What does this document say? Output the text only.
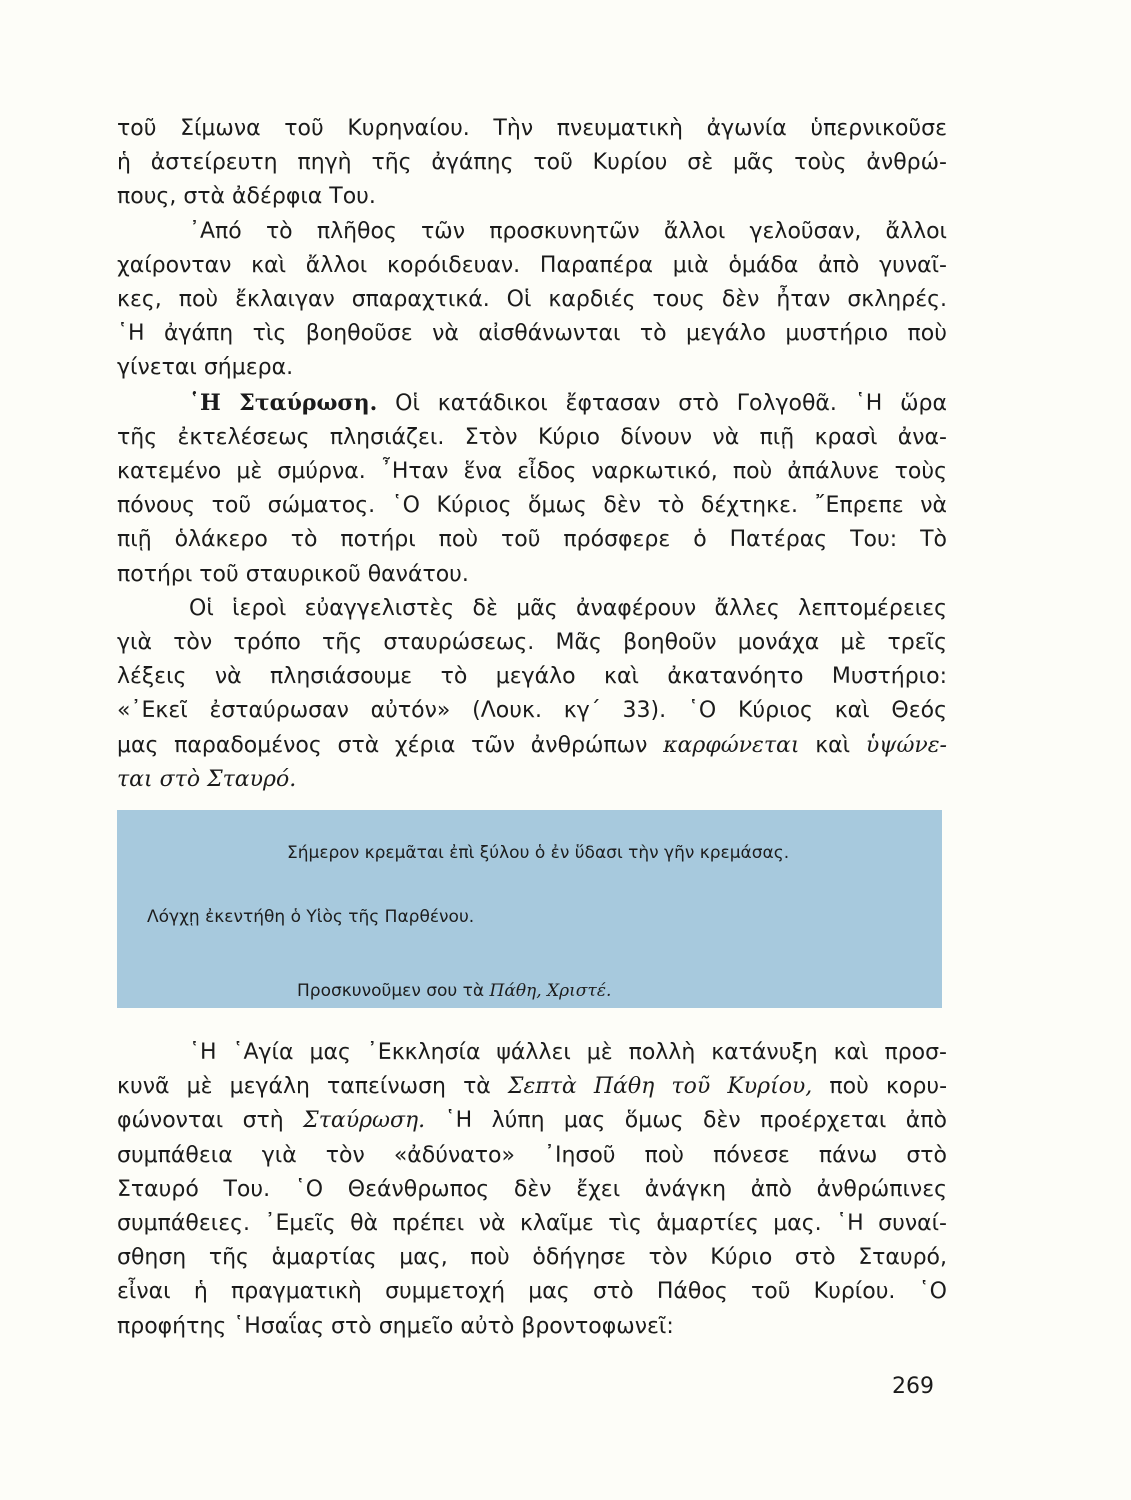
τοῦ Σίμωνα τοῦ Κυρηναίου. Τὴν πνευματικὴ ἀγωνία ὑπερνικοῦσε
ἡ ἀστείρευτη πηγὴ τῆς ἀγάπης τοῦ Κυρίου σὲ μᾶς τοὺς ἀνθρώ-
πους, στὰ ἀδέρφια Του.
᾽Από τὸ πλῆθος τῶν προσκυνητῶν ἄλλοι γελοῦσαν, ἄλλοι
χαίρονταν καὶ ἄλλοι κορόιδευαν. Παραπέρα μιὰ ὁμάδα ἀπὸ γυναῖ-
κες, ποὺ ἔκλαιγαν σπαραχτικά. Οἱ καρδιές τους δὲν ἦταν σκληρές.
῾Η ἀγάπη τὶς βοηθοῦσε νὰ αἰσθάνωνται τὸ μεγάλο μυστήριο ποὺ
γίνεται σήμερα.
῾Η Σταύρωση. Οἱ κατάδικοι ἔφτασαν στὸ Γολγοθᾶ. ῾Η ὥρα
τῆς ἐκτελέσεως πλησιάζει. Στὸν Κύριο δίνουν νὰ πιῇ κρασὶ ἀνα-
κατεμένο μὲ σμύρνα. ῏Ηταν ἕνα εἶδος ναρκωτικό, ποὺ ἀπάλυνε τοὺς
πόνους τοῦ σώματος. ῾Ο Κύριος ὅμως δὲν τὸ δέχτηκε. ῎Επρεπε νὰ
πιῇ ὁλάκερο τὸ ποτήρι ποὺ τοῦ πρόσφερε ὁ Πατέρας Του: Τὸ
ποτήρι τοῦ σταυρικοῦ θανάτου.
Οἱ ἱεροὶ εὐαγγελιστὲς δὲ μᾶς ἀναφέρουν ἄλλες λεπτομέρειες
γιὰ τὸν τρόπο τῆς σταυρώσεως. Μᾶς βοηθοῦν μονάχα μὲ τρεῖς
λέξεις νὰ πλησιάσουμε τὸ μεγάλο καὶ ἀκατανόητο Μυστήριο:
«᾽Εκεῖ ἐσταύρωσαν αὐτόν» (Λουκ. κγ΄ 33). ῾Ο Κύριος καὶ Θεός
μας παραδομένος στὰ χέρια τῶν ἀνθρώπων καρφώνεται καὶ ὑψώνε-
ται στὸ Σταυρό.
Σήμερον κρεμᾶται ἐπὶ ξύλου ὁ ἐν ὕδασι τὴν γῆν κρεμάσας.
Λόγχῃ ἐκεντήθη ὁ Υἱὸς τῆς Παρθένου.
Προσκυνοῦμεν σου τὰ Πάθη, Χριστέ.
῾Η ῾Αγία μας ᾽Εκκλησία ψάλλει μὲ πολλὴ κατάνυξη καὶ προσ-
κυνᾶ μὲ μεγάλη ταπείνωση τὰ Σεπτὰ Πάθη τοῦ Κυρίου, ποὺ κορυ-
φώνονται στὴ Σταύρωση. ῾Η λύπη μας ὅμως δὲν προέρχεται ἀπὸ
συμπάθεια γιὰ τὸν «ἀδύνατο» ᾽Ιησοῦ ποὺ πόνεσε πάνω στὸ
Σταυρό Του. ῾Ο Θεάνθρωπος δὲν ἔχει ἀνάγκη ἀπὸ ἀνθρώπινες
συμπάθειες. ᾽Εμεῖς θὰ πρέπει νὰ κλαῖμε τὶς ἁμαρτίες μας. ῾Η συναί-
σθηση τῆς ἁμαρτίας μας, ποὺ ὁδήγησε τὸν Κύριο στὸ Σταυρό,
εἶναι ἡ πραγματικὴ συμμετοχή μας στὸ Πάθος τοῦ Κυρίου. ῾Ο
προφήτης ῾Ησαΐας στὸ σημεῖο αὐτὸ βροντοφωνεῖ:
269
